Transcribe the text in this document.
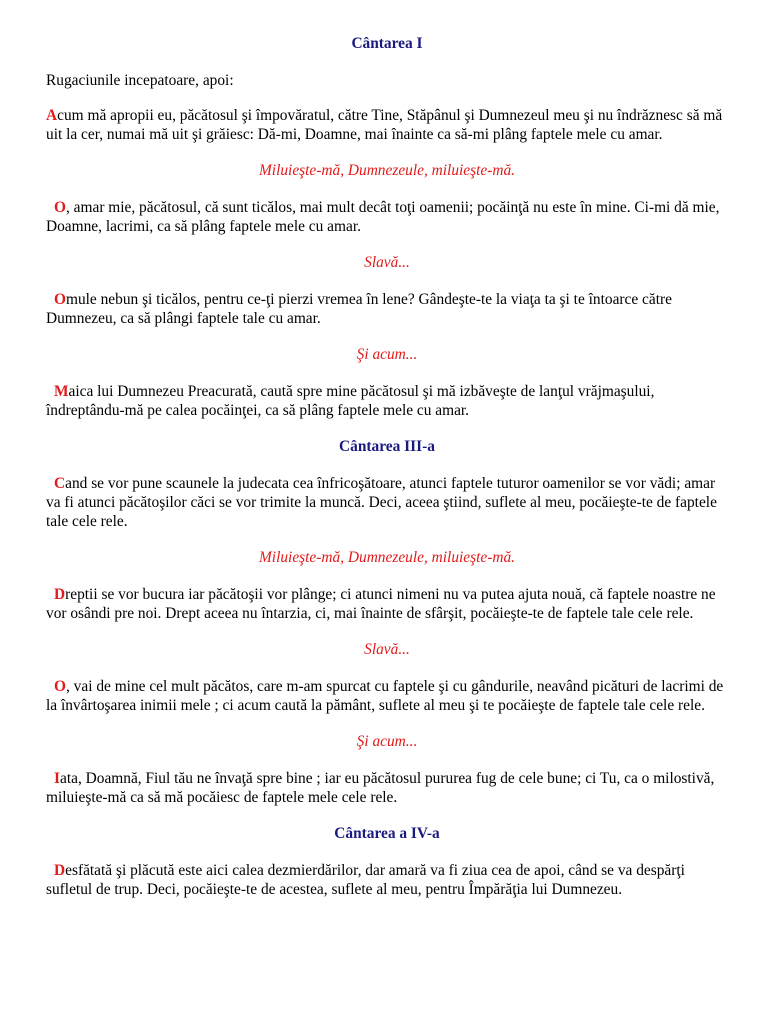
Cântarea I
Rugaciunile incepatoare, apoi:
Acum mă apropii eu, păcătosul şi împovăratul, către Tine, Stăpânul şi Dumnezeul meu şi nu îndrăznesc să mă uit la cer, numai mă uit şi grăiesc: Dă-mi, Doamne, mai înainte ca să-mi plâng faptele mele cu amar.
Miluieşte-mă, Dumnezeule, miluieşte-mă.
O, amar mie, păcătosul, că sunt ticălos, mai mult decât toţi oamenii; pocăinţă nu este în mine. Ci-mi dă mie, Doamne, lacrimi, ca să plâng faptele mele cu amar.
Slavă...
Omule nebun şi ticălos, pentru ce-ţi pierzi vremea în lene? Gândeşte-te la viaţa ta şi te întoarce către Dumnezeu, ca să plângi faptele tale cu amar.
Şi acum...
Maica lui Dumnezeu Preacurată, caută spre mine păcătosul şi mă izbăveşte de lanţul vrăjmaşului, îndreptându-mă pe calea pocăinţei, ca să plâng faptele mele cu amar.
Cântarea III-a
Cand se vor pune scaunele la judecata cea înfricoşătoare, atunci faptele tuturor oamenilor se vor vădi; amar va fi atunci păcătoşilor căci se vor trimite la muncă. Deci, aceea ştiind, suflete al meu, pocăieşte-te de faptele tale cele rele.
Miluieşte-mă, Dumnezeule, miluieşte-mă.
Dreptii se vor bucura iar păcătoşii vor plânge; ci atunci nimeni nu va putea ajuta nouă, că faptele noastre ne vor osândi pre noi. Drept aceea nu întarzia, ci, mai înainte de sfârşit, pocăieşte-te de faptele tale cele rele.
Slavă...
O, vai de mine cel mult păcătos, care m-am spurcat cu faptele şi cu gândurile, neavând picături de lacrimi de la învârtoşarea inimii mele ; ci acum caută la pământ, suflete al meu şi te pocăieşte de faptele tale cele rele.
Şi acum...
Iata, Doamnă, Fiul tău ne învaţă spre bine ; iar eu păcătosul pururea fug de cele bune; ci Tu, ca o milostivă, miluieşte-mă ca să mă pocăiesc de faptele mele cele rele.
Cântarea a IV-a
Desfătată şi plăcută este aici calea dezmierdărilor, dar amară va fi ziua cea de apoi, când se va despărţi sufletul de trup. Deci, pocăieşte-te de acestea, suflete al meu, pentru Împărăţia lui Dumnezeu.
